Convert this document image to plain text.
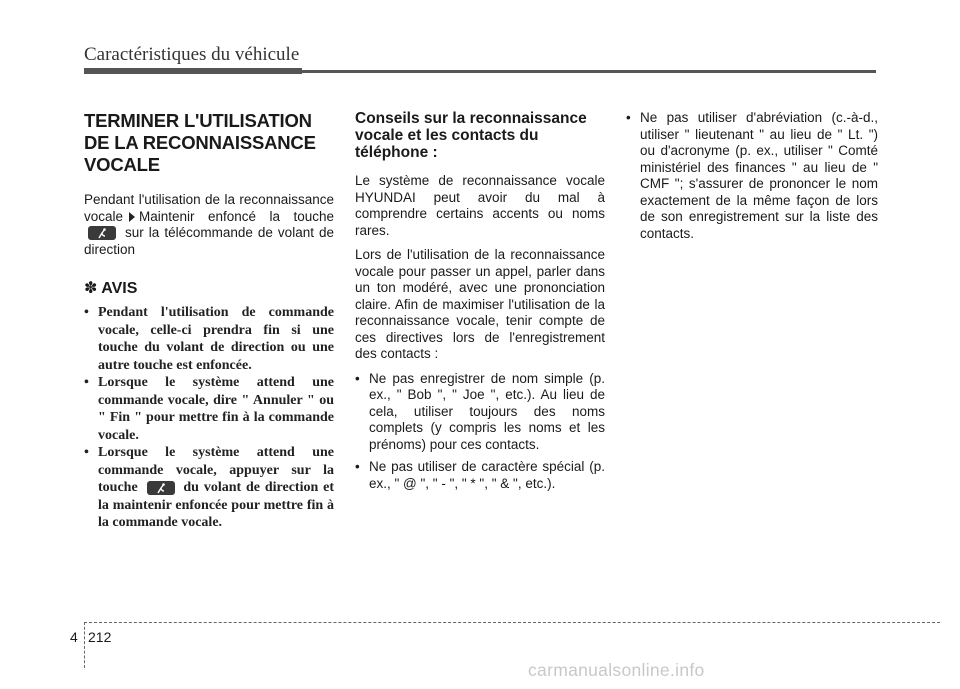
Caractéristiques du véhicule
TERMINER L'UTILISATION DE LA RECONNAISSANCE VOCALE

Pendant l'utilisation de la reconnaissance vocale Maintenir enfoncé la touche
sur la télécommande de volant de direction

✽ AVIS
• Pendant l'utilisation de commande vocale, celle-ci prendra fin si une touche du volant de direction ou une autre touche est enfoncée.
• Lorsque le système attend une commande vocale, dire " Annuler " ou " Fin " pour mettre fin à la commande vocale.
• Lorsque le système attend une commande vocale, appuyer sur la touche	du volant de direction et la maintenir enfoncée pour mettre fin à la commande vocale.
Conseils sur la reconnaissance vocale et les contacts du téléphone :

Le système de reconnaissance vocale HYUNDAI peut avoir du mal à comprendre certains accents ou noms rares.

Lors de l'utilisation de la reconnaissance vocale pour passer un appel, parler dans un ton modéré, avec une prononciation claire. Afin de maximiser l'utilisation de la reconnaissance vocale, tenir compte de ces directives lors de l'enregistrement des contacts :

• Ne pas enregistrer de nom simple (p. ex., " Bob ", " Joe ", etc.). Au lieu de cela, utiliser toujours des noms complets (y compris les noms et les prénoms) pour ces contacts.
• Ne pas utiliser de caractère spécial (p. ex., " @ ", " - ", " * ", " & ", etc.).
• Ne pas utiliser d'abréviation (c.-à-d., utiliser " lieutenant " au lieu de " Lt. ") ou d'acronyme (p. ex., utiliser " Comté ministériel des finances " au lieu de " CMF "; s'assurer de prononcer le nom exactement de la même façon de lors de son enregistrement sur la liste des contacts.
4 212
carmanualsonline.info
